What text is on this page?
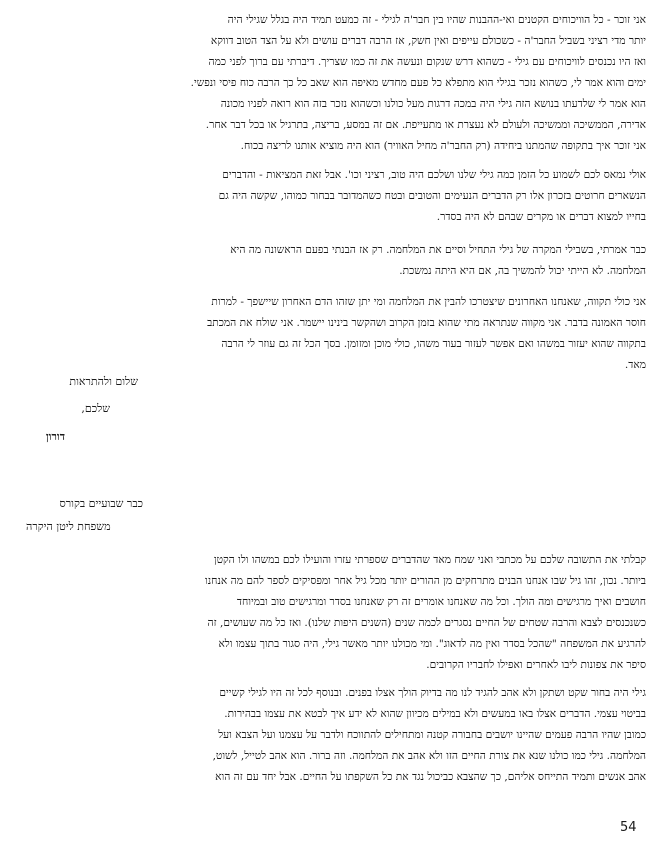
אני זוכר - כל הוויכוחים הקטנים ואי-ההבנות שהיו בין חבר'ה לגילי - זה כמעט תמיד היה בגלל שגילי היה
יותר מדי רציני בשביל החבר'ה - כשכולם עייפים ואין חשק, אז הרבה דברים עושים ולא על הצד הטוב דווקא
ואז היו נכנסים לוויכוחים עם גילי - כשהוא דרש שנקום ונעשה את זה כמו שצריך. דיברתי עם ברוך לפני כמה
ימים והוא אמר לי, כשהוא נזכר בגילי הוא מתפלא כל פעם מחדש מאיפה הוא שאב כל כך הרבה כוח פיסי ונפשי.
הוא אמר לי שלדעתו בנושא הזה גילי היה במכה דרגות מעל כולנו וכשהוא נזכר בזה הוא רואה לפניו מכונה
אדירה, הממשיכה וממשיכה ולעולם לא נעצרת או מתעייפת. אם זה במסע, בריצה, בתרגיל או בכל דבר אחר.
אני זוכר איך בתקופה שהמתנו ביחידה (רק החבר'ה מחיל האוויר) הוא היה מוציא אותנו לריצה בכוח.
אולי נמאס לכם לשמוע כל הזמן כמה גילי שלנו ושלכם היה טוב, רציני וכו'. אבל זאת המציאות - והדברים
הנשארים חרוטים בזכרון אלו רק הדברים הנעימים והטובים ובטח כשהמדובר בבחור כמוהו, שקשה היה גם
בחייו למצוא דברים או מקרים שבהם לא היה בסדר.
כבר אמרתי, בשבילי המקרה של גילי התחיל וסיים את המלחמה. רק אז הבנתי בפעם הראשונה מה היא
המלחמה. לא הייתי יכול להמשיך בה, אם היא היתה נמשכת.
אני כולי תקווה, שאנחנו האחרונים שיצטרכו להבין את המלחמה ומי יתן שזהו הדם האחרון שיישפך - למרות
חוסר האמונה בדבר. אני מקווה שנתראה מתי שהוא בזמן הקרוב ושהקשר בינינו יישמר. אני שולח את המכתב
בתקווה שהוא יעזור במשהו ואם אפשר לעזור בעוד משהו, כולי מוכן ומזומן. בסך הכל זה גם עוזר לי הרבה
מאד.
שלום ולהתראות
שלכם,
דורון
כבר שבועיים בקורס
משפחת ליטן היקרה
קבלתי את התשובה שלכם על מכתבי ואני שמח מאד שהדברים שספרתי עזרו והועילו לכם במשהו ולו הקטן
ביותר. נכון, זהו גיל שבו אנחנו הבנים מתרחקים מן ההורים יותר מכל גיל אחר ומפסיקים לספר להם מה אנחנו
חושבים ואיך מרגישים ומה הולך. וכל מה שאנחנו אומרים זה רק שאנחנו בסדר ומרגישים טוב ובמיוחד
כשנכנסים לצבא והרבה שטחים של החיים נסגרים לכמה שנים (השנים היפות שלנו). ואז כל מה שעושים, זה
להרגיע את המשפחה "שהכל בסדר ואין מה לדאוג". ומי מכולנו יותר מאשר גילי, היה סגור בתוך עצמו ולא
סיפר את צפונות ליבו לאחרים ואפילו לחבריו הקרובים.
גילי היה בחור שקט ושתקן ולא אהב להגיד לנו מה בדיוק הולך אצלו בפנים. ובנוסף לכל זה היו לגילי קשיים
בביטוי עצמי. הדברים אצלו באו במעשים ולא במילים מכיוון שהוא לא ידע איך לבטא את עצמו בבהירות.
כמובן שהיו הרבה פעמים שהיינו יושבים בחבורה קטנה ומתחילים להתווכח ולדבר על עצמנו ועל הצבא ועל
המלחמה. גילי כמו כולנו שנא את צורת החיים הזו ולא אהב את המלחמה. וזה ברור. הוא אהב לטייל, לשוט,
אהב אנשים ותמיד התייחס אליהם, כך שהצבא כביכול נגד את כל השקפתו על החיים. אבל יחד עם זה הוא
54
